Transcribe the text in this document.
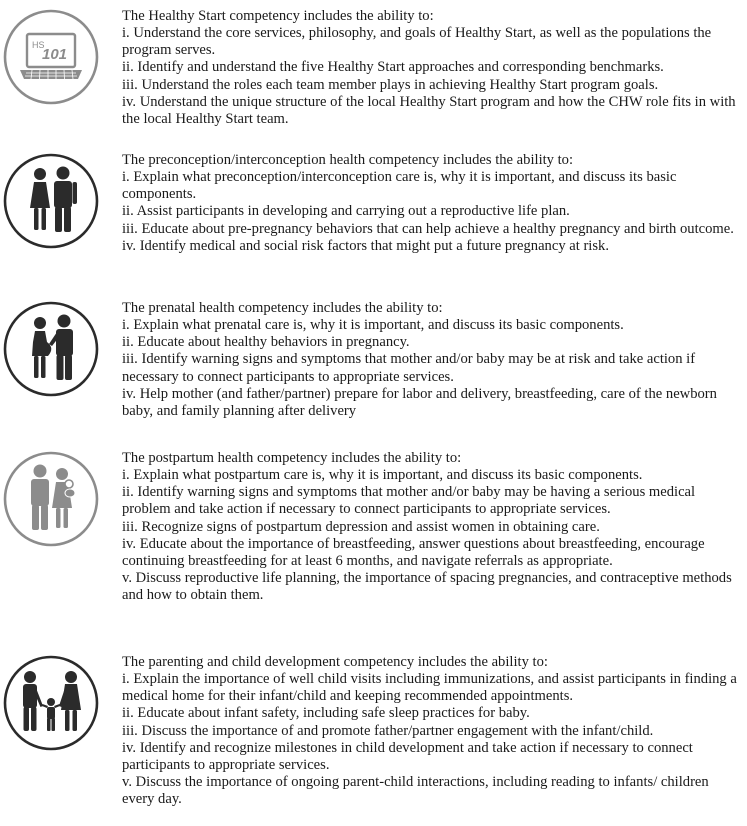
HS
101

The Healthy Start competency includes the ability to:

i. Understand the core services, philosophy, and goals of Healthy Start, as well as the populations the program serves.

ii. Identify and understand the five Healthy Start approaches and corresponding benchmarks.

iii. Understand the roles each team member plays in achieving Healthy Start program goals.

iv. Understand the unique structure of the local Healthy Start program and how the CHW role fits in with the local Healthy Start team.

The preconception/interconception health competency includes the ability to:

i. Explain what preconception/interconception care is, why it is important, and discuss its basic components.

ii. Assist participants in developing and carrying out a reproductive life plan.

iii. Educate about pre-pregnancy behaviors that can help achieve a healthy pregnancy and birth outcome. iv. Identify medical and social risk factors that might put a future pregnancy at risk.

The prenatal health competency includes the ability to:

i. Explain what prenatal care is, why it is important, and discuss its basic components.

ii. Educate about healthy behaviors in pregnancy.

iii. Identify warning signs and symptoms that mother and/or baby may be at risk and take action if necessary to connect participants to appropriate services.

iv. Help mother (and father/partner) prepare for labor and delivery, breastfeeding, care of the newborn baby, and family planning after delivery

The postpartum health competency includes the ability to:

i. Explain what postpartum care is, why it is important, and discuss its basic components.

ii. Identify warning signs and symptoms that mother and/or baby may be having a serious medical problem and take action if necessary to connect participants to appropriate services.

iii. Recognize signs of postpartum depression and assist women in obtaining care.

iv. Educate about the importance of breastfeeding, answer questions about breastfeeding, encourage continuing breastfeeding for at least 6 months, and navigate referrals as appropriate.

v. Discuss reproductive life planning, the importance of spacing pregnancies, and contraceptive methods and how to obtain them.

The parenting and child development competency includes the ability to:

i. Explain the importance of well child visits including immunizations, and assist participants in finding a medical home for their infant/child and keeping recommended appointments.

ii. Educate about infant safety, including safe sleep practices for baby.

iii. Discuss the importance of and promote father/partner engagement with the infant/child.

iv. Identify and recognize milestones in child development and take action if necessary to connect participants to appropriate services.

v. Discuss the importance of ongoing parent-child interactions, including reading to infants/ children every day.
